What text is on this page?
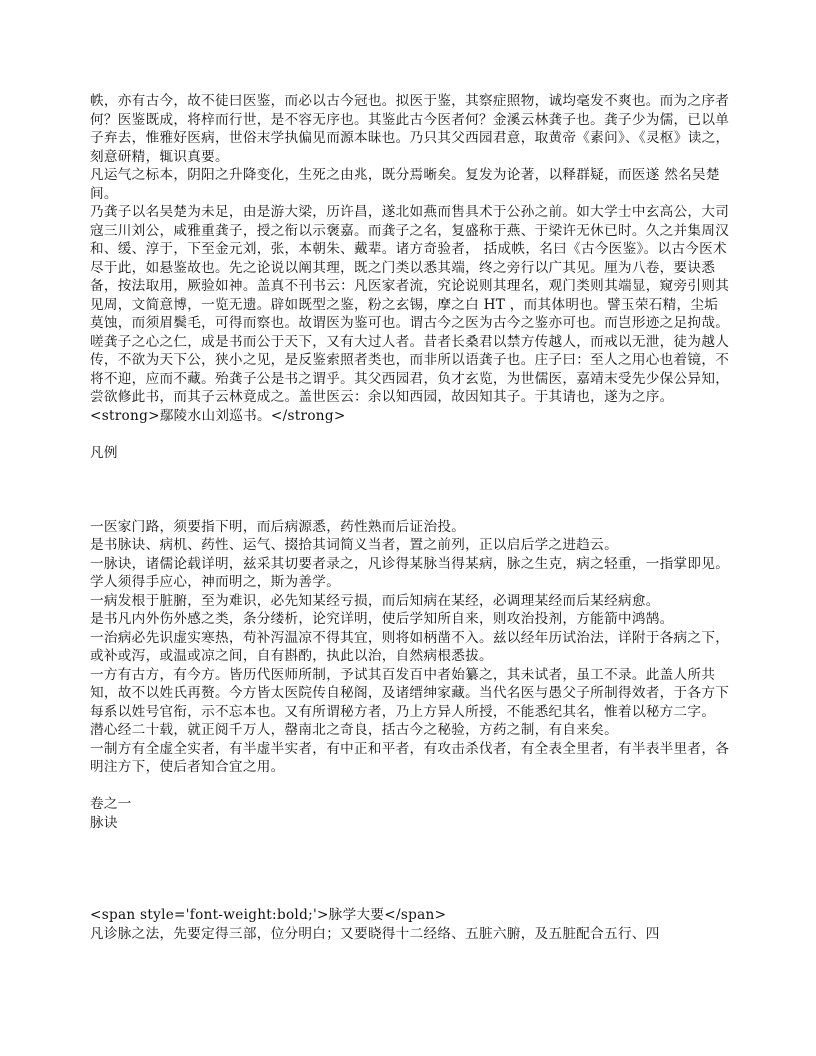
帙，亦有古今，故不徒曰医鉴，而必以古今冠也。拟医于鉴，其察症照物，诚均毫发不爽也。而为之序者何？医鉴既成，将梓而行世，是不容无序也。其鉴此古今医者何？金溪云林龚子也。龚子少为儒，已以单子弃去，惟雅好医病，世俗末学执偏见而源本昧也。乃只其父西园君意，取黄帝《素问》、《灵枢》读之，刻意研精，辄识真要。

凡运气之标本，阴阳之升降变化，生死之由兆，既分焉晰矣。复发为论著，以释群疑，而医遂 然名吴楚间。

乃龚子以名吴楚为未足，由是游大梁，历许昌，遂北如燕而售具术于公孙之前。如大学士中玄高公，大司寇三川刘公，咸雅重龚子，授之衔以示褒嘉。而龚子之名，复盛称于燕、于梁许无休已时。久之并集周汉和、缓、淳于，下至金元刘，张，本朝朱、戴辈。诸方奇验者， 括成帙，名曰《古今医鉴》。以古今医术尽于此，如悬鉴故也。先之论说以阐其理，既之门类以悉其端，终之旁行以广其见。厘为八卷，要诀悉备，按法取用，厥验如神。盖真不刊书云：凡医家者流，究论说则其理名，观门类则其端显，窥旁引则其见周，文简意博，一览无遗。辟如既型之鉴，粉之玄锡，摩之白 HT ，而其体明也。譬玉荣石精，尘垢莫蚀，而须眉鬓毛，可得而察也。故谓医为鉴可也。谓古今之医为古今之鉴亦可也。而岂形迹之足拘哉。嗟龚子之心之仁，成是书而公于天下，又有大过人者。昔者长桑君以禁方传越人，而戒以无泄，徒为越人传，不欲为天下公，狭小之见，是反鉴索照者类也，而非所以语龚子也。庄子曰：至人之用心也着镜，不将不迎，应而不藏。殆龚子公是书之谓乎。其父西园君，负才玄览，为世儒医，嘉靖末受先少保公异知，尝欲修此书，而其子云林竟成之。盖世医云：余以知西园，故因知其子。于其请也，遂为之序。

<strong>鄢陵水山刘巡书。</strong>

凡例

一医家门路，须要指下明，而后病源悉，药性熟而后证治投。

是书脉诀、病机、药性、运气、掇拾其词简义当者，置之前列，正以启后学之进趋云。

一脉诀，诸儒论载详明，兹采其切要者录之，凡诊得某脉当得某病，脉之生克，病之轻重，一指掌即见。学人须得手应心，神而明之，斯为善学。

一病发根于脏腑，至为难识，必先知某经亏损，而后知病在某经，必调理某经而后某经病愈。

是书凡内外伤外感之类，条分缕析，论究详明，使后学知所自来，则攻治投剂，方能箭中鸿鹄。

一治病必先识虚实寒热，苟补泻温凉不得其宜，则将如柄凿不入。兹以经年历试治法，详附于各病之下，或补或泻，或温或凉之间，自有斟酌，执此以治，自然病根悉拔。

一方有古方，有今方。皆历代医师所制，予试其百发百中者始纂之，其未试者，虽工不录。此盖人所共知，故不以姓氏再赘。今方皆太医院传自秘阁，及诸缙绅家藏。当代名医与愚父子所制得效者，于各方下每系以姓号官衔，示不忘本也。又有所谓秘方者，乃上方异人所授，不能悉纪其名，惟着以秘方二字。

潜心经二十载，就正阅千万人，罄南北之奇良，括古今之秘验，方药之制，有自来矣。

一制方有全虚全实者，有半虚半实者，有中正和平者，有攻击杀伐者，有全表全里者，有半表半里者，各明注方下，使后者知合宜之用。

卷之一

脉诀

<span style='font-weight:bold;'>脉学大要</span>

凡诊脉之法，先要定得三部，位分明白；又要晓得十二经络、五脏六腑，及五脏配合五行、四
